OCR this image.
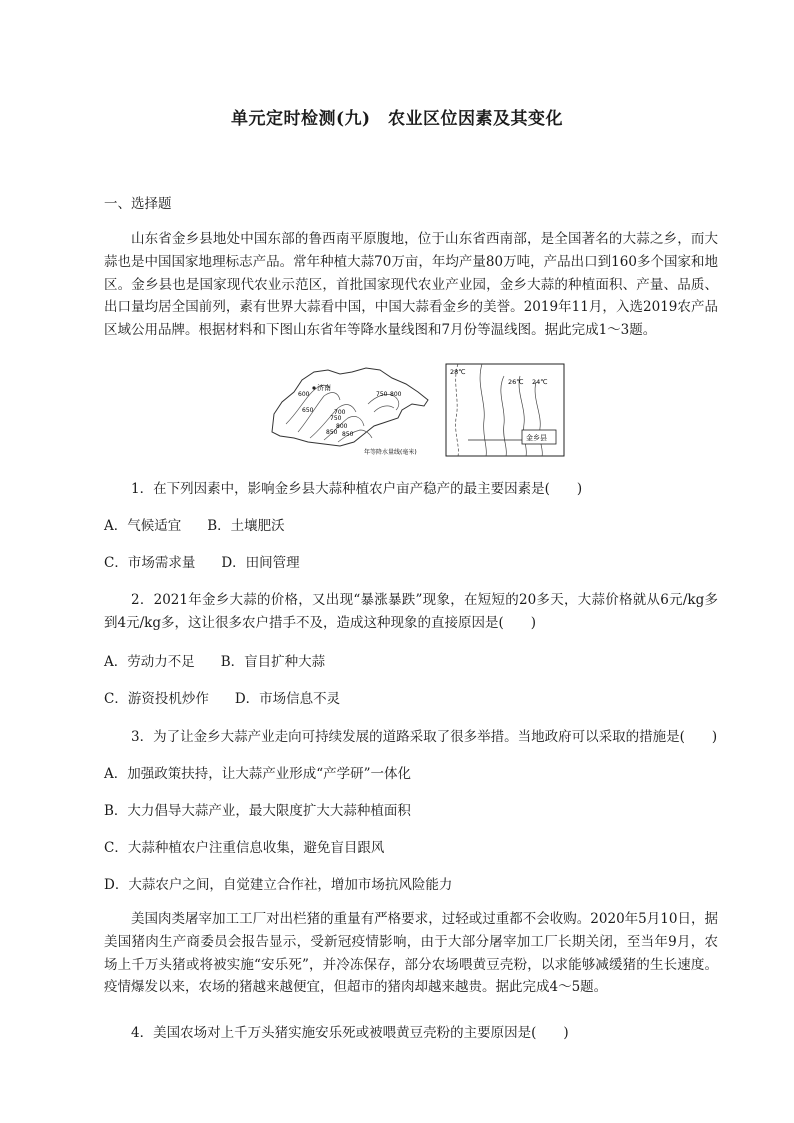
单元定时检测(九)　农业区位因素及其变化
一、选择题
山东省金乡县地处中国东部的鲁西南平原腹地，位于山东省西南部，是全国著名的大蒜之乡，而大蒜也是中国国家地理标志产品。常年种植大蒜70万亩，年均产量80万吨，产品出口到160多个国家和地区。金乡县也是国家现代农业示范区，首批国家现代农业产业园，金乡大蒜的种植面积、产量、品质、出口量均居全国前列，素有世界大蒜看中国，中国大蒜看金乡的美誉。2019年11月，入选2019农产品区域公用品牌。根据材料和下图山东省年等降水量线图和7月份等温线图。据此完成1～3题。
济南
600
650	700
750
800
850
750 800
850
年等降水量线(毫米)
28℃
26℃ 24℃
金乡县
1．在下列因素中，影响金乡县大蒜种植农户亩产稳产的最主要因素是(　　)
A．气候适宜 B．土壤肥沃
C．市场需求量 D．田间管理
2．2021年金乡大蒜的价格，又出现“暴涨暴跌”现象，在短短的20多天，大蒜价格就从6元/kg多到4元/kg多，这让很多农户措手不及，造成这种现象的直接原因是(　　)
A．劳动力不足 B．盲目扩种大蒜
C．游资投机炒作 D．市场信息不灵
3．为了让金乡大蒜产业走向可持续发展的道路采取了很多举措。当地政府可以采取的措施是(　　)
A．加强政策扶持，让大蒜产业形成“产学研”一体化
B．大力倡导大蒜产业，最大限度扩大大蒜种植面积
C．大蒜种植农户注重信息收集，避免盲目跟风
D．大蒜农户之间，自觉建立合作社，增加市场抗风险能力
美国肉类屠宰加工工厂对出栏猪的重量有严格要求，过轻或过重都不会收购。2020年5月10日，据美国猪肉生产商委员会报告显示，受新冠疫情影响，由于大部分屠宰加工厂长期关闭，至当年9月，农场上千万头猪或将被实施“安乐死”，并冷冻保存，部分农场喂黄豆壳粉，以求能够减缓猪的生长速度。疫情爆发以来，农场的猪越来越便宜，但超市的猪肉却越来越贵。据此完成4～5题。
4．美国农场对上千万头猪实施安乐死或被喂黄豆壳粉的主要原因是(　　)
